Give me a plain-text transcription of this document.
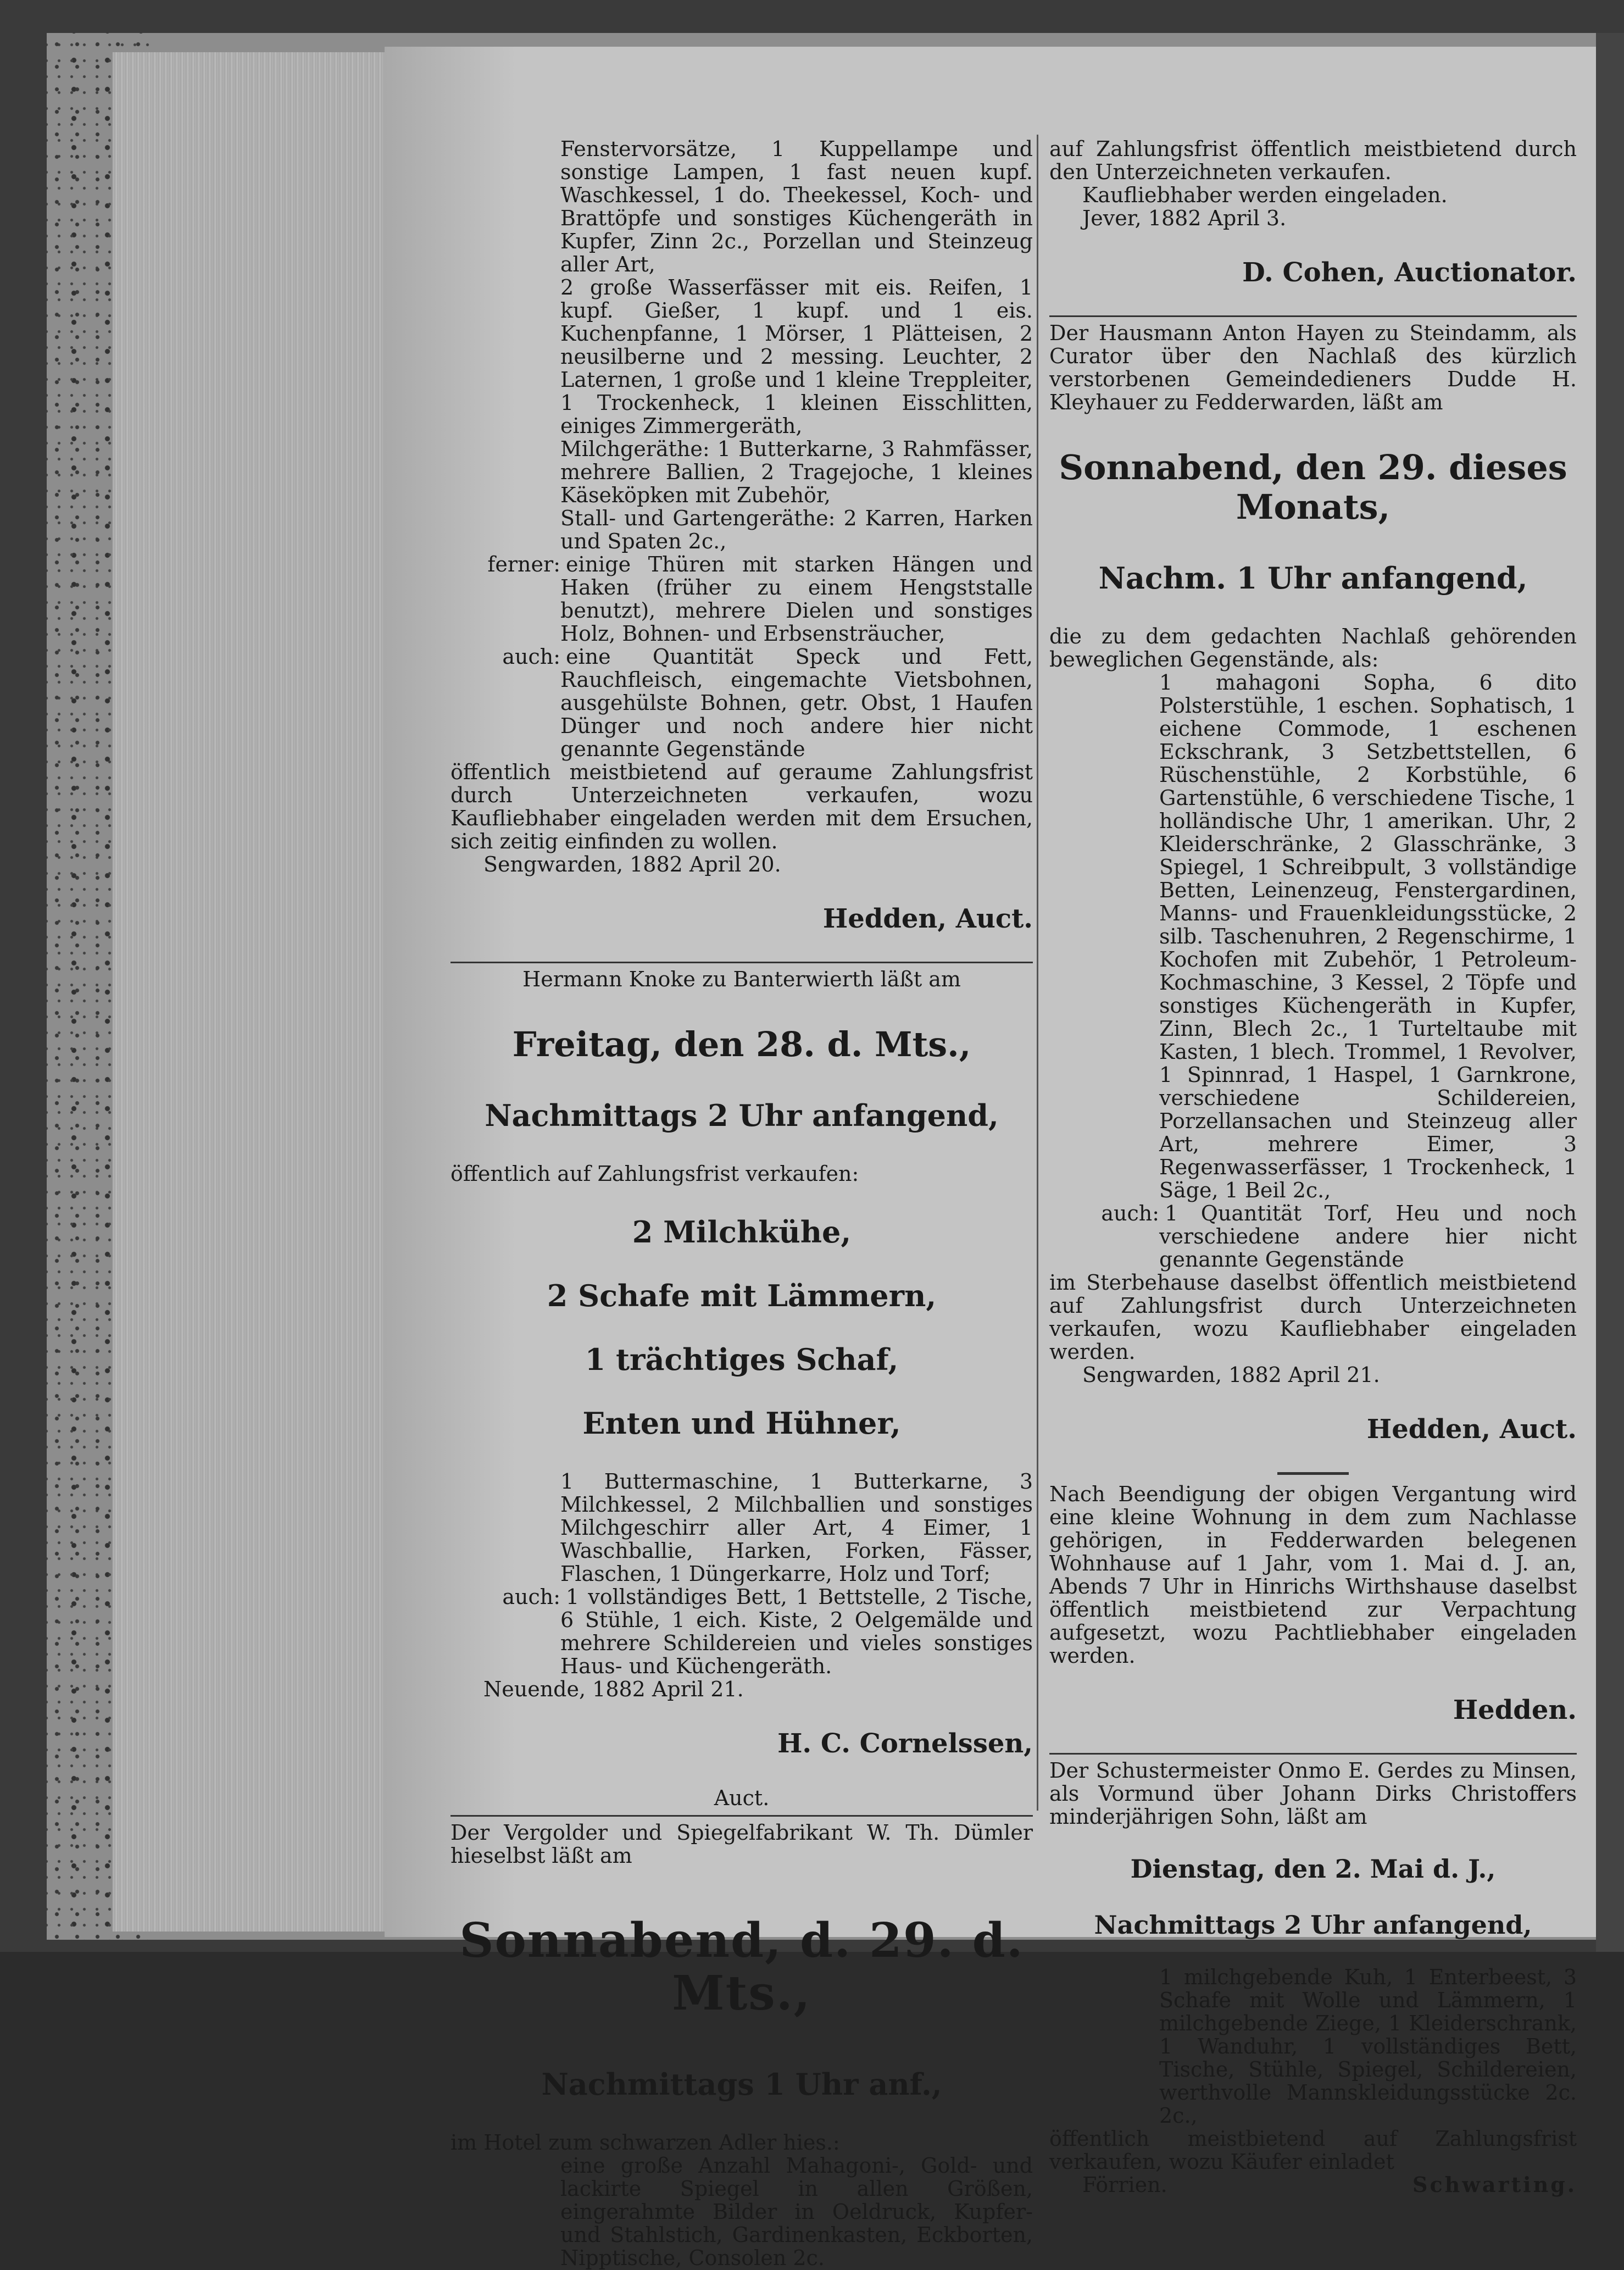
Fenstervorsätze, 1 Kuppellampe und sonstige Lampen, 1 fast neuen kupf. Waschkessel, 1 do. Theekessel, Koch- und Brattöpfe und sonstiges Küchengeräth in Kupfer, Zinn 2c., Porzellan und Steinzeug aller Art,

2 große Wasserfässer mit eis. Reifen, 1 kupf. Gießer, 1 kupf. und 1 eis. Kuchenpfanne, 1 Mörser, 1 Plätteisen, 2 neusilberne und 2 messing. Leuchter, 2 Laternen, 1 große und 1 kleine Treppleiter, 1 Trockenheck, 1 kleinen Eisschlitten, einiges Zimmergeräth,

Milchgeräthe: 1 Butterkarne, 3 Rahmfässer, mehrere Ballien, 2 Tragejoche, 1 kleines Käseköpken mit Zubehör,

Stall- und Gartengeräthe: 2 Karren, Harken und Spaten 2c.,

ferner: einige Thüren mit starken Hängen und Haken (früher zu einem Hengststalle benutzt), mehrere Dielen und sonstiges Holz, Bohnen- und Erbsensträucher,

auch: eine Quantität Speck und Fett, Rauchfleisch, eingemachte Vietsbohnen, ausgehülste Bohnen, getr. Obst, 1 Haufen Dünger und noch andere hier nicht genannte Gegenstände

öffentlich meistbietend auf geraume Zahlungsfrist durch Unterzeichneten verkaufen, wozu Kaufliebhaber eingeladen werden mit dem Ersuchen, sich zeitig einfinden zu wollen.

Sengwarden, 1882 April 20.

Hedden, Auct.

Hermann Knoke zu Banterwierth läßt am

Freitag, den 28. d. Mts.,

Nachmittags 2 Uhr anfangend,

öffentlich auf Zahlungsfrist verkaufen:

2 Milchkühe,

2 Schafe mit Lämmern,

1 trächtiges Schaf,

Enten und Hühner,

1 Buttermaschine, 1 Butterkarne, 3 Milchkessel, 2 Milchballien und sonstiges Milchgeschirr aller Art, 4 Eimer, 1 Waschballie, Harken, Forken, Fässer, Flaschen, 1 Düngerkarre, Holz und Torf;

auch: 1 vollständiges Bett, 1 Bettstelle, 2 Tische, 6 Stühle, 1 eich. Kiste, 2 Oelgemälde und mehrere Schildereien und vieles sonstiges Haus- und Küchengeräth.

Neuende, 1882 April 21.

H. C. Cornelssen,

Auct.

Der Vergolder und Spiegelfabrikant W. Th. Dümler hieselbst läßt am

Sonnabend, d. 29. d. Mts.,

Nachmittags 1 Uhr anf.,

im Hotel zum schwarzen Adler hies.:

eine große Anzahl Mahagoni-, Gold- und lackirte Spiegel in allen Größen, eingerahmte Bilder in Oeldruck, Kupfer- und Stahlstich, Gardinenkasten, Eckborten, Nipptische, Consolen 2c.

auf Zahlungsfrist öffentlich meistbietend durch den Unterzeichneten verkaufen.

Kaufliebhaber werden eingeladen.

Jever, 1882 April 3.

D. Cohen, Auctionator.

Der Hausmann Anton Hayen zu Steindamm, als Curator über den Nachlaß des kürzlich verstorbenen Gemeindedieners Dudde H. Kleyhauer zu Fedderwarden, läßt am

Sonnabend, den 29. dieses Monats,

Nachm. 1 Uhr anfangend,

die zu dem gedachten Nachlaß gehörenden beweglichen Gegenstände, als:

1 mahagoni Sopha, 6 dito Polsterstühle, 1 eschen. Sophatisch, 1 eichene Commode, 1 eschenen Eckschrank, 3 Setzbettstellen, 6 Rüschenstühle, 2 Korbstühle, 6 Gartenstühle, 6 verschiedene Tische, 1 holländische Uhr, 1 amerikan. Uhr, 2 Kleiderschränke, 2 Glasschränke, 3 Spiegel, 1 Schreibpult, 3 vollständige Betten, Leinenzeug, Fenstergardinen, Manns- und Frauenkleidungsstücke, 2 silb. Taschenuhren, 2 Regenschirme, 1 Kochofen mit Zubehör, 1 Petroleum-Kochmaschine, 3 Kessel, 2 Töpfe und sonstiges Küchengeräth in Kupfer, Zinn, Blech 2c., 1 Turteltaube mit Kasten, 1 blech. Trommel, 1 Revolver, 1 Spinnrad, 1 Haspel, 1 Garnkrone, verschiedene Schildereien, Porzellansachen und Steinzeug aller Art, mehrere Eimer, 3 Regenwasserfässer, 1 Trockenheck, 1 Säge, 1 Beil 2c.,

auch: 1 Quantität Torf, Heu und noch verschiedene andere hier nicht genannte Gegenstände

im Sterbehause daselbst öffentlich meistbietend auf Zahlungsfrist durch Unterzeichneten verkaufen, wozu Kaufliebhaber eingeladen werden.

Sengwarden, 1882 April 21.

Hedden, Auct.

Nach Beendigung der obigen Vergantung wird eine kleine Wohnung in dem zum Nachlasse gehörigen, in Fedderwarden belegenen Wohnhause auf 1 Jahr, vom 1. Mai d. J. an, Abends 7 Uhr in Hinrichs Wirthshause daselbst öffentlich meistbietend zur Verpachtung aufgesetzt, wozu Pachtliebhaber eingeladen werden.

Hedden.

Der Schustermeister Onmo E. Gerdes zu Minsen, als Vormund über Johann Dirks Christoffers minderjährigen Sohn, läßt am

Dienstag, den 2. Mai d. J.,

Nachmittags 2 Uhr anfangend,

1 milchgebende Kuh, 1 Enterbeest, 3 Schafe mit Wolle und Lämmern, 1 milchgebende Ziege, 1 Kleiderschrank, 1 Wanduhr, 1 vollständiges Bett, Tische, Stühle, Spiegel, Schildereien, werthvolle Mannskleidungsstücke 2c. 2c.,

öffentlich meistbietend auf Zahlungsfrist verkaufen, wozu Käufer einladet

Förrien.	Schwarting.
